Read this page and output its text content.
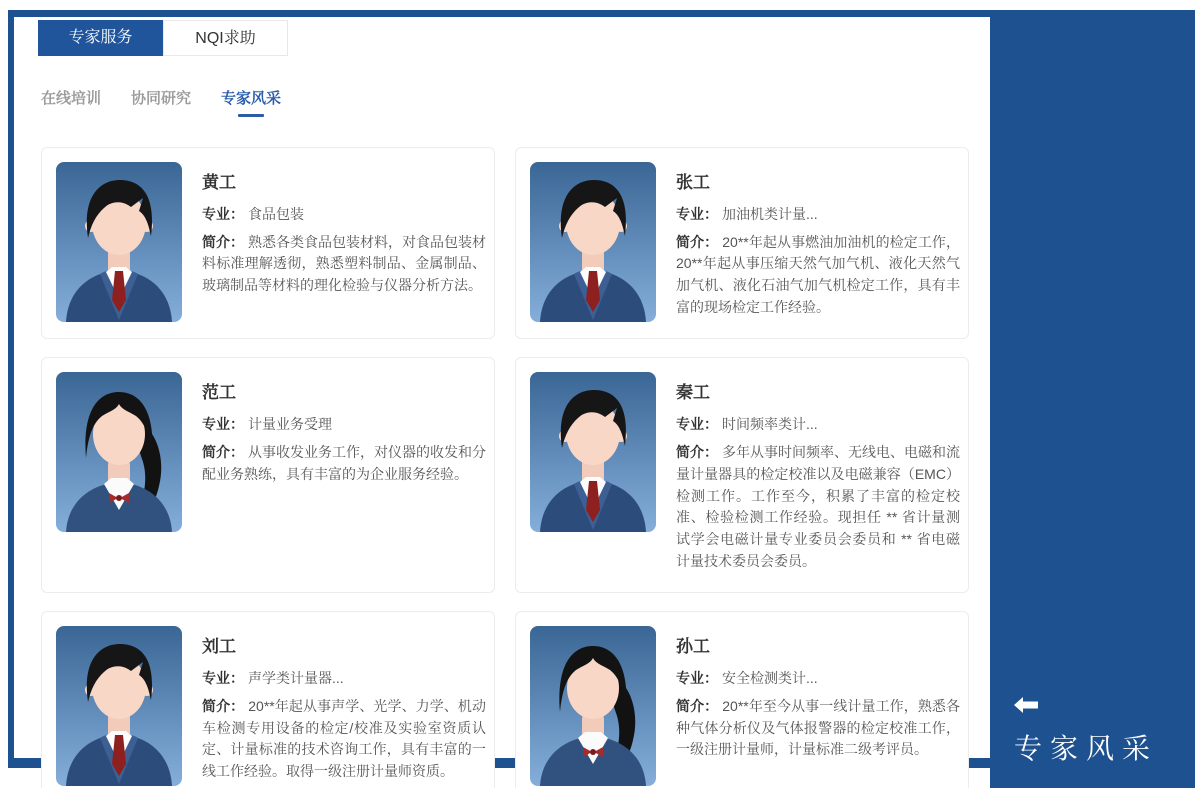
专家服务	NQI求助
在线培训 协同研究 专家风采
黄工
专业： 食品包装
简介： 熟悉各类食品包装材料，对食品包装材料标准理解透彻，熟悉塑料制品、金属制品、玻璃制品等材料的理化检验与仪器分析方法。
张工
专业： 加油机类计量...
简介： 20**年起从事燃油加油机的检定工作，20**年起从事压缩天然气加气机、液化天然气加气机、液化石油气加气机检定工作，具有丰富的现场检定工作经验。
范工
专业： 计量业务受理
简介： 从事收发业务工作，对仪器的收发和分配业务熟练，具有丰富的为企业服务经验。
秦工
专业： 时间频率类计...
简介： 多年从事时间频率、无线电、电磁和流量计量器具的检定校准以及电磁兼容（EMC）检测工作。工作至今，积累了丰富的检定校准、检验检测工作经验。现担任 ** 省计量测试学会电磁计量专业委员会委员和 ** 省电磁计量技术委员会委员。
刘工
专业： 声学类计量器...
简介： 20**年起从事声学、光学、力学、机动车检测专用设备的检定/校准及实验室资质认定、计量标准的技术咨询工作，具有丰富的一线工作经验。取得一级注册计量师资质。
孙工
专业： 安全检测类计...
简介： 20**年至今从事一线计量工作，熟悉各种气体分析仪及气体报警器的检定校准工作，一级注册计量师，计量标准二级考评员。	专家风采
